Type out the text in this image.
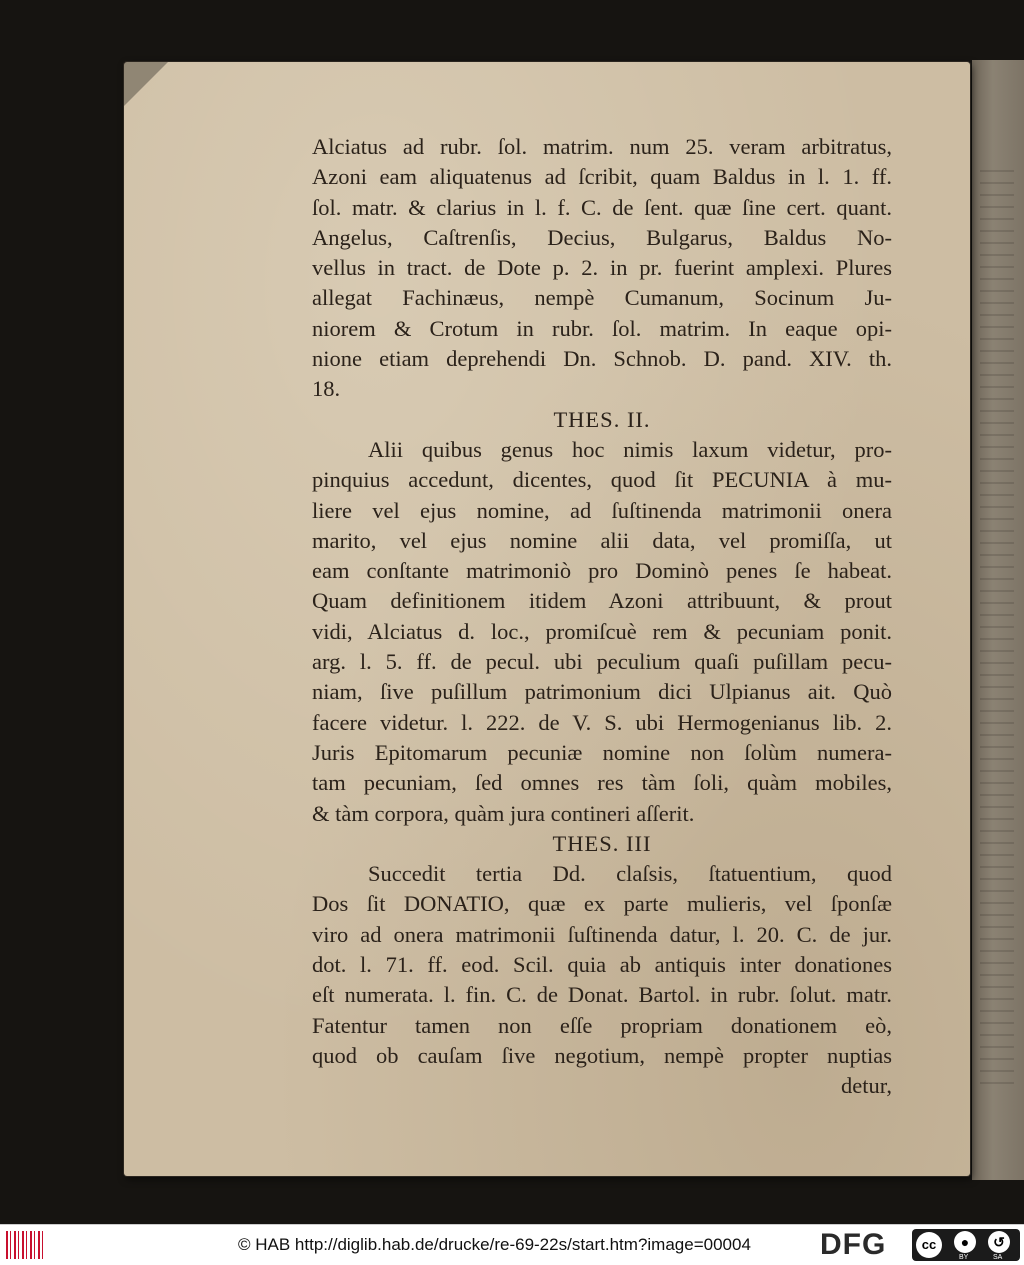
Alciatus ad rubr. ſol. matrim. num 25. veram arbitratus,
Azoni eam aliquatenus ad ſcribit, quam Baldus in l. 1. ff.
ſol. matr. & clarius in l. f. C. de ſent. quæ ſine cert. quant.
Angelus, Caſtrenſis, Decius, Bulgarus, Baldus No-
vellus in tract. de Dote p. 2. in pr. fuerint amplexi. Plures
allegat Fachinæus, nempè Cumanum, Socinum Ju-
niorem & Crotum in rubr. ſol. matrim. In eaque opi-
nione etiam deprehendi Dn. Schnob. D. pand. XIV. th.
18.
THES. II.
Alii quibus genus hoc nimis laxum videtur, pro-
pinquius accedunt, dicentes, quod ſit PECUNIA à mu-
liere vel ejus nomine, ad ſuſtinenda matrimonii onera
marito, vel ejus nomine alii data, vel promiſſa, ut
eam conſtante matrimoniò pro Dominò penes ſe habeat.
Quam definitionem itidem Azoni attribuunt, & prout
vidi, Alciatus d. loc., promiſcuè rem & pecuniam ponit.
arg. l. 5. ff. de pecul. ubi peculium quaſi puſillam pecu-
niam, ſive puſillum patrimonium dici Ulpianus ait. Quò
facere videtur. l. 222. de V. S. ubi Hermogenianus lib. 2.
Juris Epitomarum pecuniæ nomine non ſolùm numera-
tam pecuniam, ſed omnes res tàm ſoli, quàm mobiles,
& tàm corpora, quàm jura contineri aſſerit.
THES. III
Succedit tertia Dd. claſsis, ſtatuentium, quod
Dos ſit DONATIO, quæ ex parte mulieris, vel ſponſæ
viro ad onera matrimonii ſuſtinenda datur, l. 20. C. de jur.
dot. l. 71. ff. eod. Scil. quia ab antiquis inter donationes
eſt numerata. l. fin. C. de Donat. Bartol. in rubr. ſolut. matr.
Fatentur tamen non eſſe propriam donationem eò,
quod ob cauſam ſive negotium, nempè propter nuptias
detur,
© HAB http://diglib.hab.de/drucke/re-69-22s/start.htm?image=00004 DFG	cc	●	↺
BY	SA
